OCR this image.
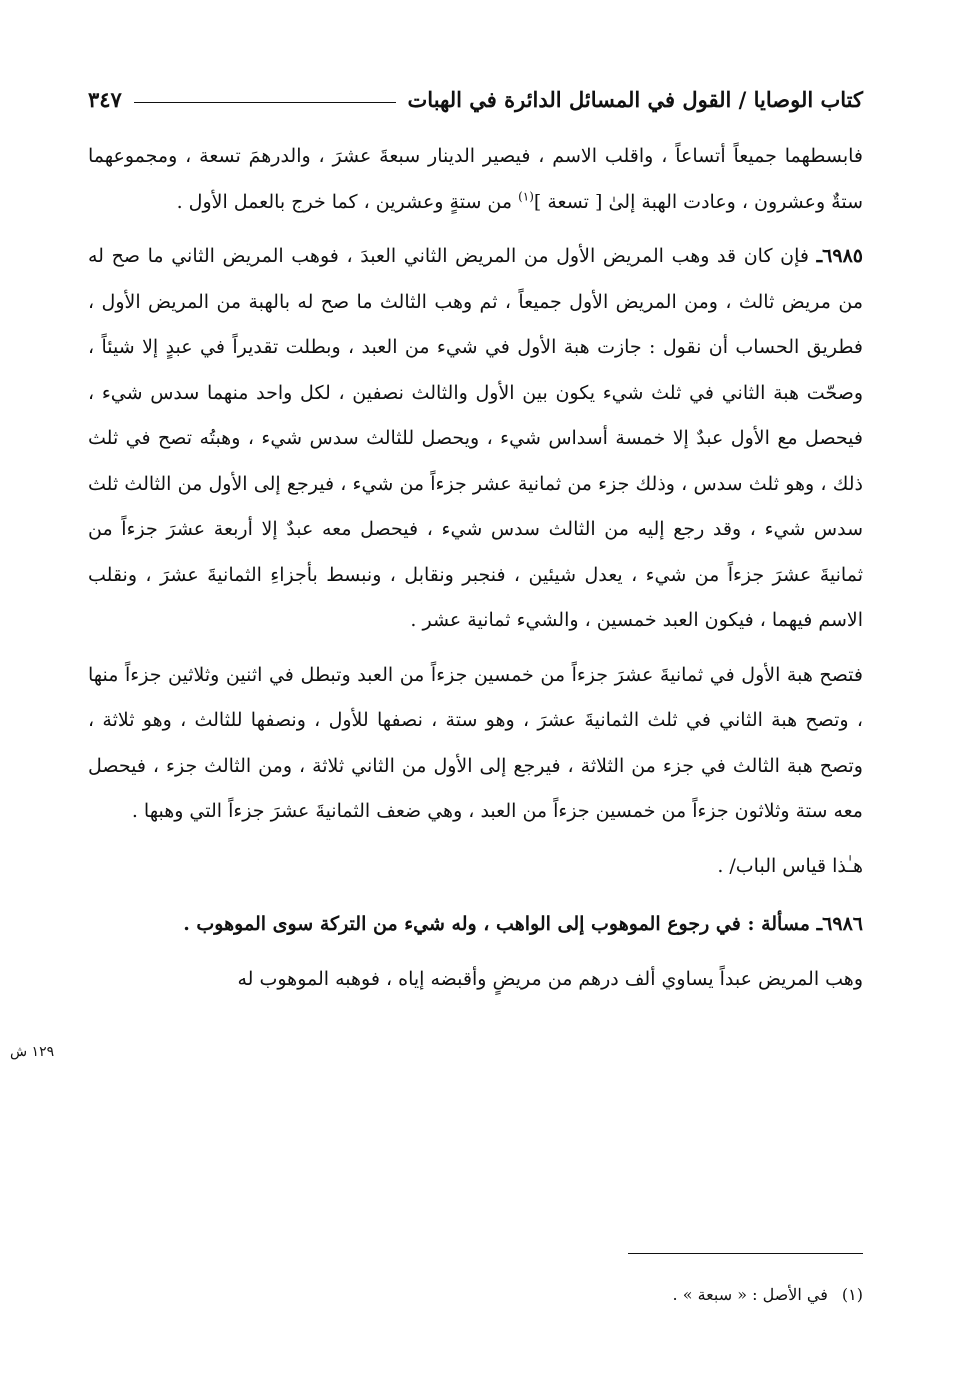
كتاب الوصايا / القول في المسائل الدائرة في الهبات
٣٤٧

فابسطهما جميعاً أتساعاً ، واقلب الاسم ، فيصير الدينار سبعةَ عشرَ ، والدرهمَ تسعة ، ومجموعهما ستةٌ وعشرون ، وعادت الهبة إلىٰ [ تسعة ]$^{(١)}$ من ستةٍ وعشرين ، كما خرج بالعمل الأول .

٦٩٨٥ـ فإن كان قد وهب المريض الأول من المريض الثاني العبدَ ، فوهب المريض الثاني ما صح له من مريض ثالث ، ومن المريض الأول جميعاً ، ثم وهب الثالث ما صح له بالهبة من المريض الأول ، فطريق الحساب أن نقول : جازت هبة الأول في شيء من العبد ، وبطلت تقديراً في عبدٍ إلا شيئاً ، وصحّت هبة الثاني في ثلث شيء يكون بين الأول والثالث نصفين ، لكل واحد منهما سدس شيء ، فيحصل مع الأول عبدٌ إلا خمسة أسداس شيء ، ويحصل للثالث سدس شيء ، وهبتُه تصح في ثلث ذلك ، وهو ثلث سدس ، وذلك جزء من ثمانية عشر جزءاً من شيء ، فيرجع إلى الأول من الثالث ثلث سدس شيء ، وقد رجع إليه من الثالث سدس شيء ، فيحصل معه عبدٌ إلا أربعة عشرَ جزءاً من ثمانيةَ عشرَ جزءاً من شيء ، يعدل شيئين ، فنجبر ونقابل ، ونبسط بأجزاءِ الثمانيةَ عشرَ ، ونقلب الاسم فيهما ، فيكون العبد خمسين ، والشيء ثمانية عشر .

فتصح هبة الأول في ثمانيةَ عشرَ جزءاً من خمسين جزءاً من العبد وتبطل في اثنين وثلاثين جزءاً منها ، وتصح هبة الثاني في ثلث الثمانيةَ عشرَ ، وهو ستة ، نصفها للأول ، ونصفها للثالث ، وهو ثلاثة ، وتصح هبة الثالث في جزء من الثلاثة ، فيرجع إلى الأول من الثاني ثلاثة ، ومن الثالث جزء ، فيحصل معه ستة وثلاثون جزءاً من خمسين جزءاً من العبد ، وهي ضعف الثمانيةَ عشرَ جزءاً التي وهبها .

هـٰذا قياس الباب/ .

٦٩٨٦ـ مسألة : في رجوع الموهوب إلى الواهب ، وله شيء من التركة سوى الموهوب .

وهب المريض عبداً يساوي ألف درهم من مريضٍ وأقبضه إياه ، فوهبه الموهوب له

١٢٩ ش
(١)في الأصل : « سبعة » .
